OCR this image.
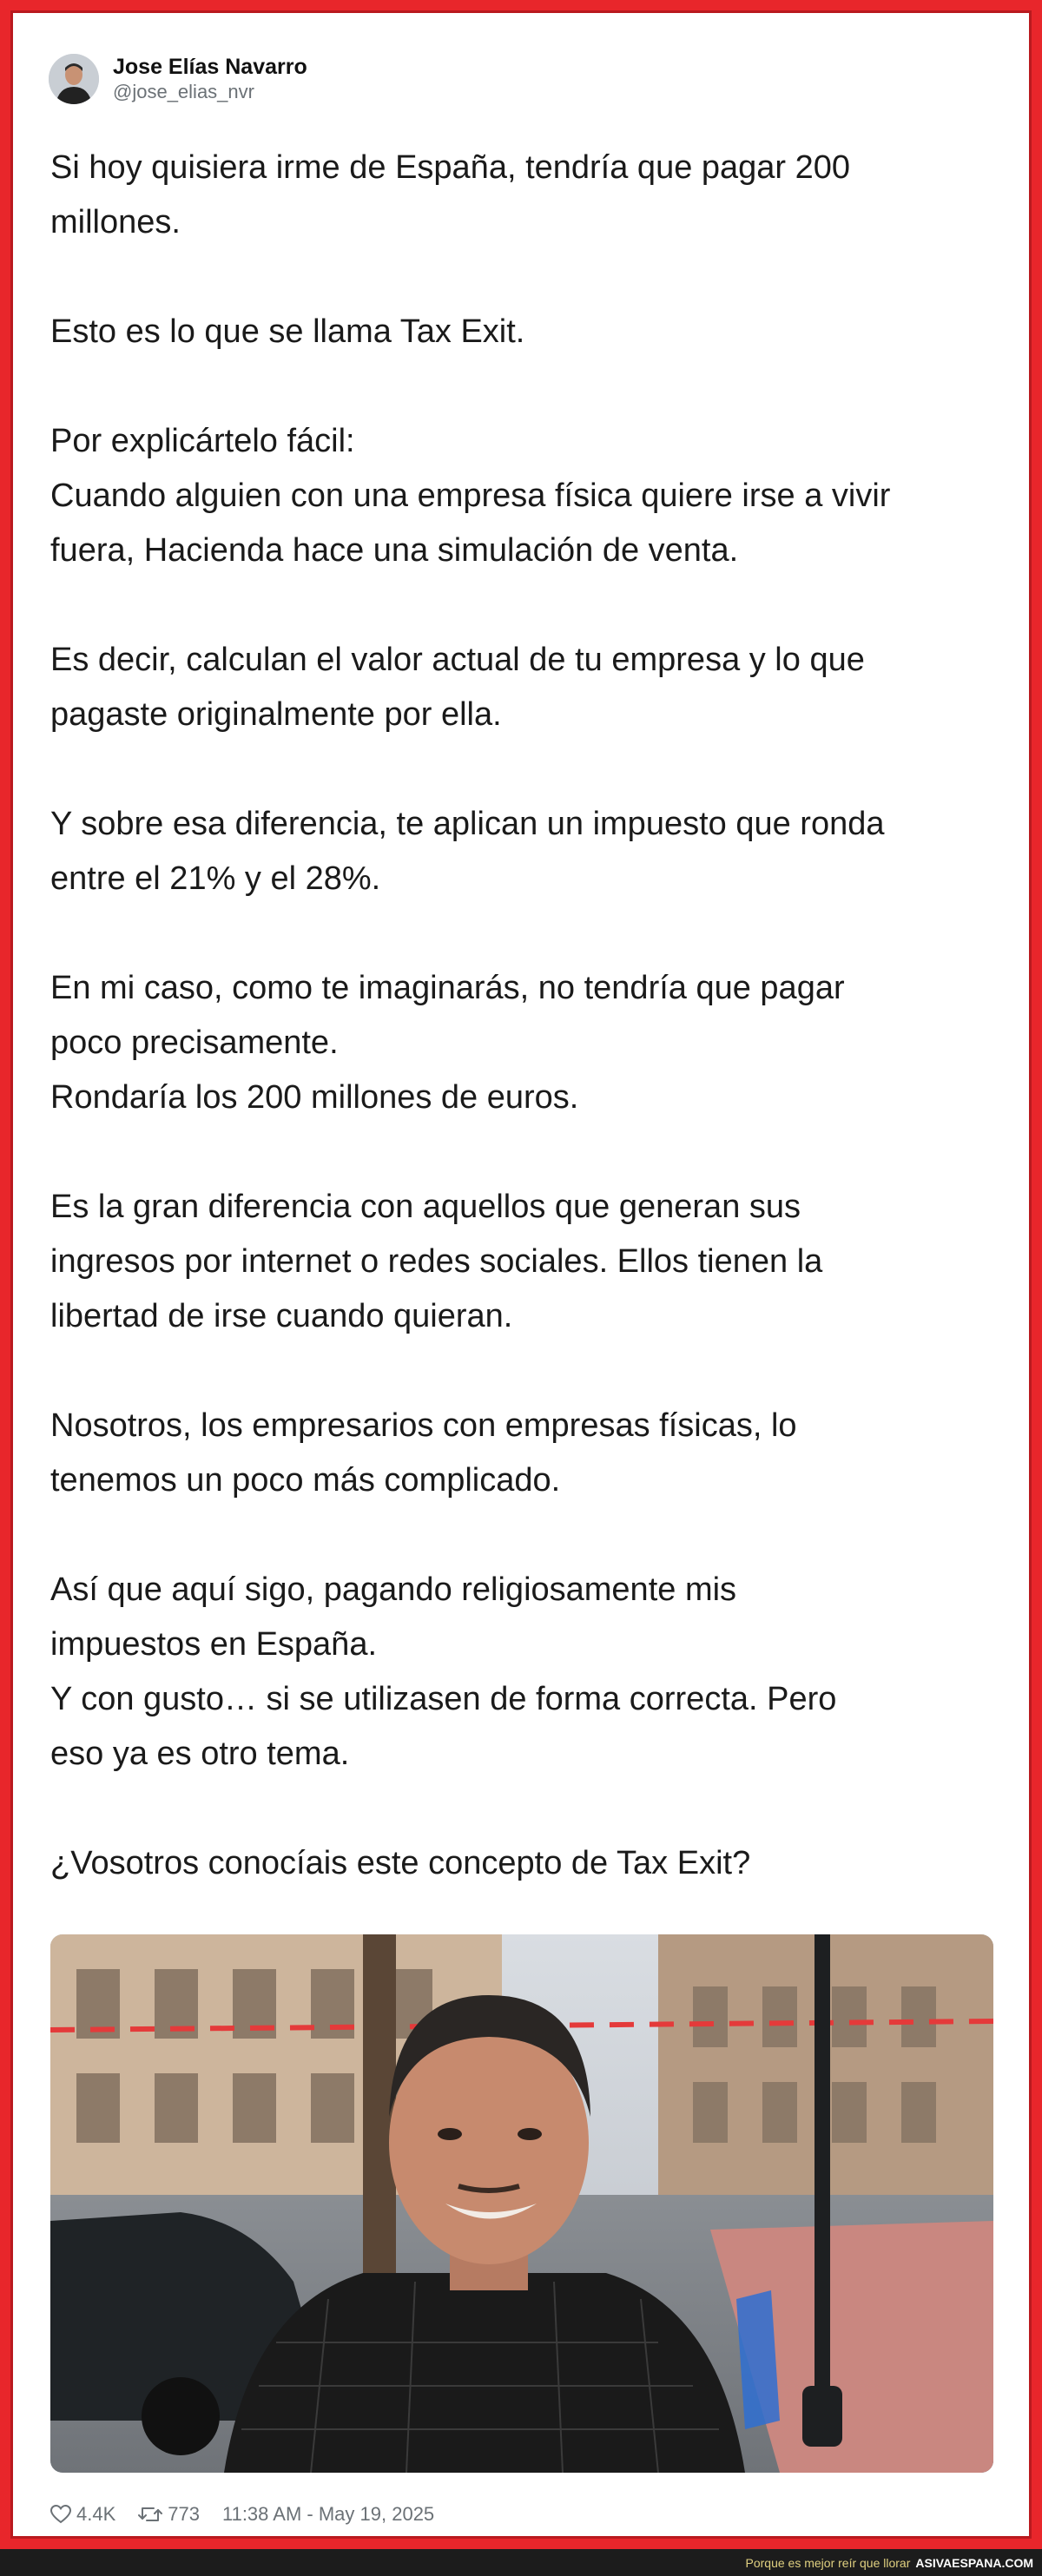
Jose Elías Navarro
@jose_elias_nvr

Si hoy quisiera irme de España, tendría que pagar 200

millones.

Esto es lo que se llama Tax Exit.

Por explicártelo fácil:

Cuando alguien con una empresa física quiere irse a vivir

fuera, Hacienda hace una simulación de venta.

Es decir, calculan el valor actual de tu empresa y lo que

pagaste originalmente por ella.

Y sobre esa diferencia, te aplican un impuesto que ronda

entre el 21% y el 28%.

En mi caso, como te imaginarás, no tendría que pagar

poco precisamente.

Rondaría los 200 millones de euros.

Es la gran diferencia con aquellos que generan sus

ingresos por internet o redes sociales. Ellos tienen la

libertad de irse cuando quieran.

Nosotros, los empresarios con empresas físicas, lo

tenemos un poco más complicado.

Así que aquí sigo, pagando religiosamente mis

impuestos en España.

Y con gusto… si se utilizasen de forma correcta. Pero

eso ya es otro tema.

¿Vosotros conocíais este concepto de Tax Exit?

4.4K	773 11:38 AM - May 19, 2025
Porque es mejor reír que llorar ASIVAESPANA.COM
